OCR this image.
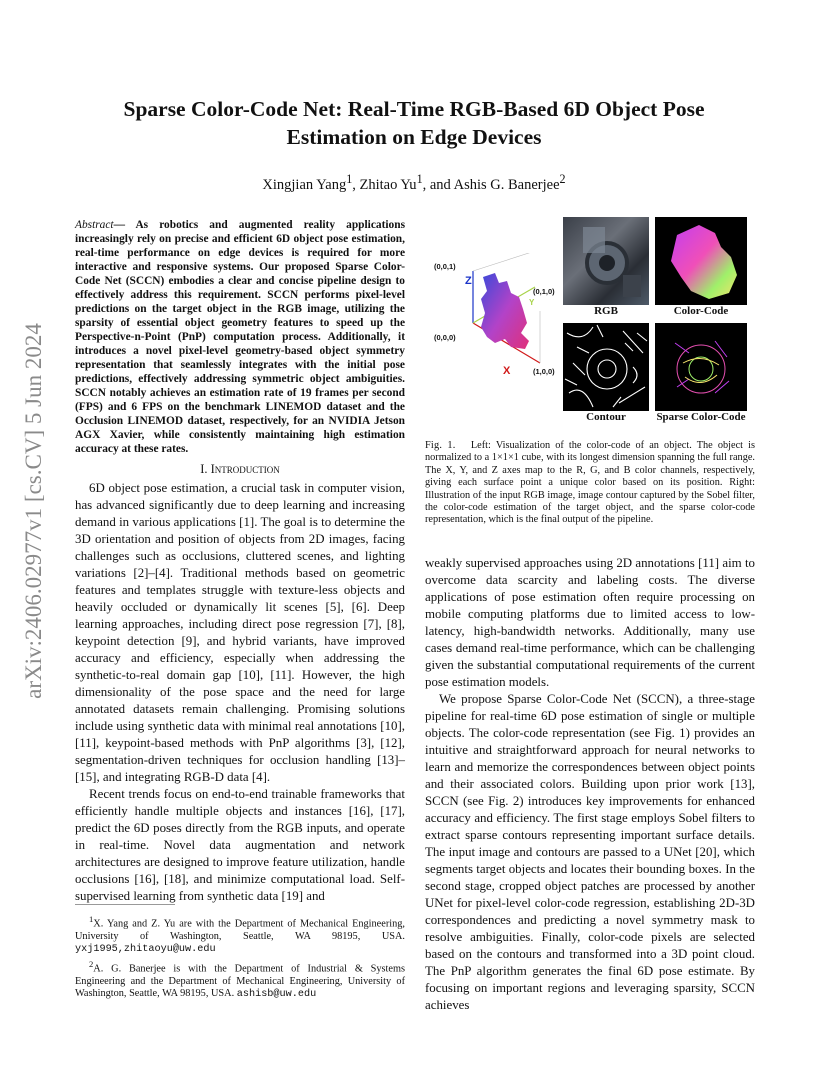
arXiv:2406.02977v1 [cs.CV] 5 Jun 2024
Sparse Color-Code Net: Real-Time RGB-Based 6D Object Pose Estimation on Edge Devices
Xingjian Yang$^1$, Zhitao Yu$^1$, and Ashis G. Banerjee$^2$
Abstract— As robotics and augmented reality applications increasingly rely on precise and efficient 6D object pose estimation, real-time performance on edge devices is required for more interactive and responsive systems. Our proposed Sparse Color-Code Net (SCCN) embodies a clear and concise pipeline design to effectively address this requirement. SCCN performs pixel-level predictions on the target object in the RGB image, utilizing the sparsity of essential object geometry features to speed up the Perspective-n-Point (PnP) computation process. Additionally, it introduces a novel pixel-level geometry-based object symmetry representation that seamlessly integrates with the initial pose predictions, effectively addressing symmetric object ambiguities. SCCN notably achieves an estimation rate of 19 frames per second (FPS) and 6 FPS on the benchmark LINEMOD dataset and the Occlusion LINEMOD dataset, respectively, for an NVIDIA Jetson AGX Xavier, while consistently maintaining high estimation accuracy at these rates.
I. Introduction

6D object pose estimation, a crucial task in computer vision, has advanced significantly due to deep learning and increasing demand in various applications [1]. The goal is to determine the 3D orientation and position of objects from 2D images, facing challenges such as occlusions, cluttered scenes, and lighting variations [2]–[4]. Traditional methods based on geometric features and templates struggle with texture-less objects and heavily occluded or dynamically lit scenes [5], [6]. Deep learning approaches, including direct pose regression [7], [8], keypoint detection [9], and hybrid variants, have improved accuracy and efficiency, especially when addressing the synthetic-to-real domain gap [10], [11]. However, the high dimensionality of the pose space and the need for large annotated datasets remain challenging. Promising solutions include using synthetic data with minimal real annotations [10], [11], keypoint-based methods with PnP algorithms [3], [12], segmentation-driven techniques for occlusion handling [13]–[15], and integrating RGB-D data [4].

Recent trends focus on end-to-end trainable frameworks that efficiently handle multiple objects and instances [16], [17], predict the 6D poses directly from the RGB inputs, and operate in real-time. Novel data augmentation and network architectures are designed to improve feature utilization, handle occlusions [16], [18], and minimize computational load. Self-supervised learning from synthetic data [19] and

$^1$X. Yang and Z. Yu are with the Department of Mechanical Engineering, University of Washington, Seattle, WA 98195, USA. yxj1995,zhitaoyu@uw.edu
$^2$A. G. Banerjee is with the Department of Industrial & Systems Engineering and the Department of Mechanical Engineering, University of Washington, Seattle, WA 98195, USA. ashisb@uw.edu
(0,0,1)
(0,1,0)
(0,0,0)
(1,0,0)
Z
Y
X
RGB	Color-Code
Contour	Sparse Color-Code
Fig. 1. Left: Visualization of the color-code of an object. The object is normalized to a 1×1×1 cube, with its longest dimension spanning the full range. The X, Y, and Z axes map to the R, G, and B color channels, respectively, giving each surface point a unique color based on its position. Right: Illustration of the input RGB image, image contour captured by the Sobel filter, the color-code estimation of the target object, and the sparse color-code representation, which is the final output of the pipeline.

weakly supervised approaches using 2D annotations [11] aim to overcome data scarcity and labeling costs. The diverse applications of pose estimation often require processing on mobile computing platforms due to limited access to low-latency, high-bandwidth networks. Additionally, many use cases demand real-time performance, which can be challenging given the substantial computational requirements of the current pose estimation models.

We propose Sparse Color-Code Net (SCCN), a three-stage pipeline for real-time 6D pose estimation of single or multiple objects. The color-code representation (see Fig. 1) provides an intuitive and straightforward approach for neural networks to learn and memorize the correspondences between object points and their associated colors. Building upon prior work [13], SCCN (see Fig. 2) introduces key improvements for enhanced accuracy and efficiency. The first stage employs Sobel filters to extract sparse contours representing important surface details. The input image and contours are passed to a UNet [20], which segments target objects and locates their bounding boxes. In the second stage, cropped object patches are processed by another UNet for pixel-level color-code regression, establishing 2D-3D correspondences and predicting a novel symmetry mask to resolve ambiguities. Finally, color-code pixels are selected based on the contours and transformed into a 3D point cloud. The PnP algorithm generates the final 6D pose estimate. By focusing on important regions and leveraging sparsity, SCCN achieves
